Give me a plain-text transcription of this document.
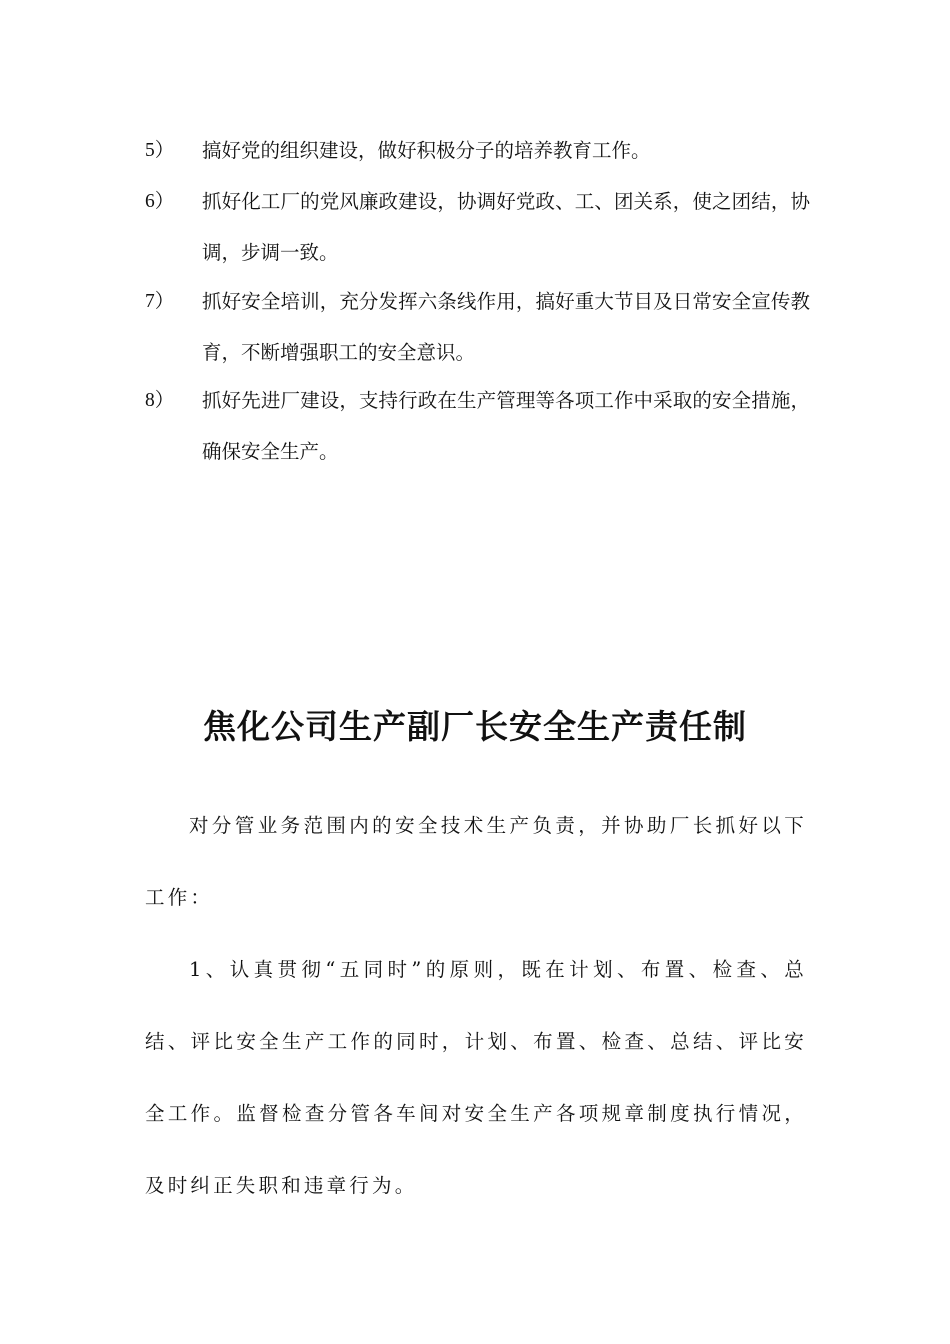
5）	搞好党的组织建设，做好积极分子的培养教育工作。
6）	抓好化工厂的党风廉政建设，协调好党政、工、团关系，使之团结，协调，步调一致。
7）	抓好安全培训，充分发挥六条线作用，搞好重大节目及日常安全宣传教育，不断增强职工的安全意识。
8）	抓好先进厂建设，支持行政在生产管理等各项工作中采取的安全措施，确保安全生产。
焦化公司生产副厂长安全生产责任制
对分管业务范围内的安全技术生产负责，并协助厂长抓好以下工作：
1、认真贯彻“五同时”的原则，既在计划、布置、检查、总结、评比安全生产工作的同时，计划、布置、检查、总结、评比安全工作。监督检查分管各车间对安全生产各项规章制度执行情况，及时纠正失职和违章行为。
